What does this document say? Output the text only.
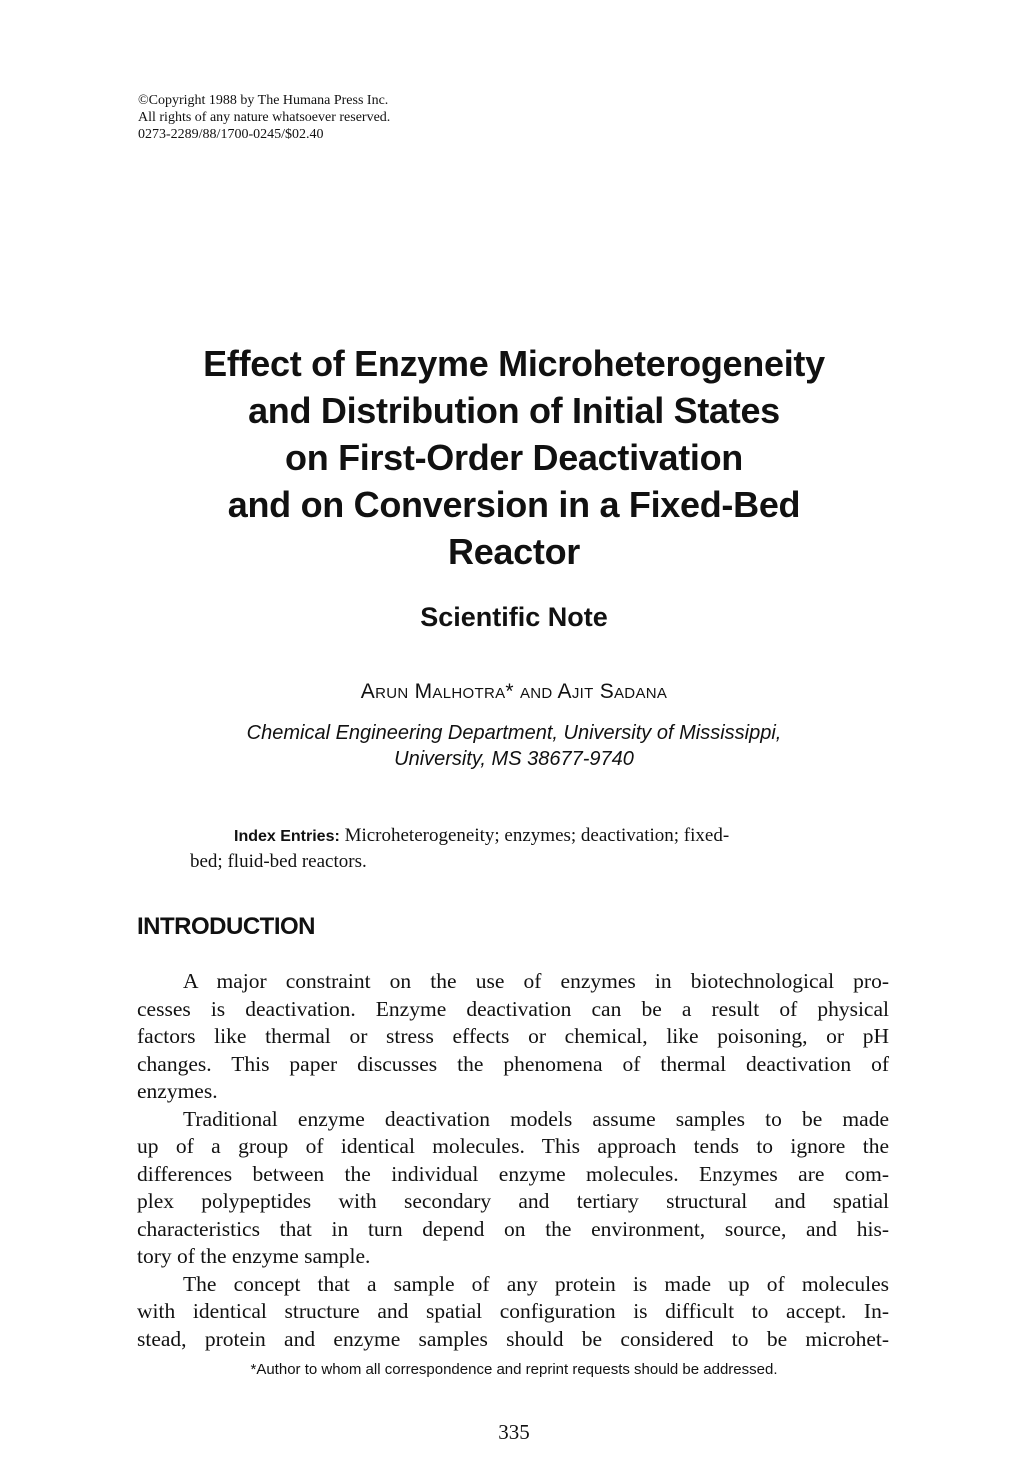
©Copyright 1988 by The Humana Press Inc.
All rights of any nature whatsoever reserved.
0273-2289/88/1700-0245/$02.40
Effect of Enzyme Microheterogeneity
and Distribution of Initial States
on First-Order Deactivation
and on Conversion in a Fixed-Bed
Reactor
Scientific Note
Arun Malhotra* and Ajit Sadana
Chemical Engineering Department, University of Mississippi,
University, MS 38677-9740
Index Entries: Microheterogeneity; enzymes; deactivation; fixed-
bed; fluid-bed reactors.
INTRODUCTION
A major constraint on the use of enzymes in biotechnological pro-
cesses is deactivation. Enzyme deactivation can be a result of physical
factors like thermal or stress effects or chemical, like poisoning, or pH
changes. This paper discusses the phenomena of thermal deactivation of
enzymes.
Traditional enzyme deactivation models assume samples to be made
up of a group of identical molecules. This approach tends to ignore the
differences between the individual enzyme molecules. Enzymes are com-
plex polypeptides with secondary and tertiary structural and spatial
characteristics that in turn depend on the environment, source, and his-
tory of the enzyme sample.
The concept that a sample of any protein is made up of molecules
with identical structure and spatial configuration is difficult to accept. In-
stead, protein and enzyme samples should be considered to be microhet-
*Author to whom all correspondence and reprint requests should be addressed.
335
